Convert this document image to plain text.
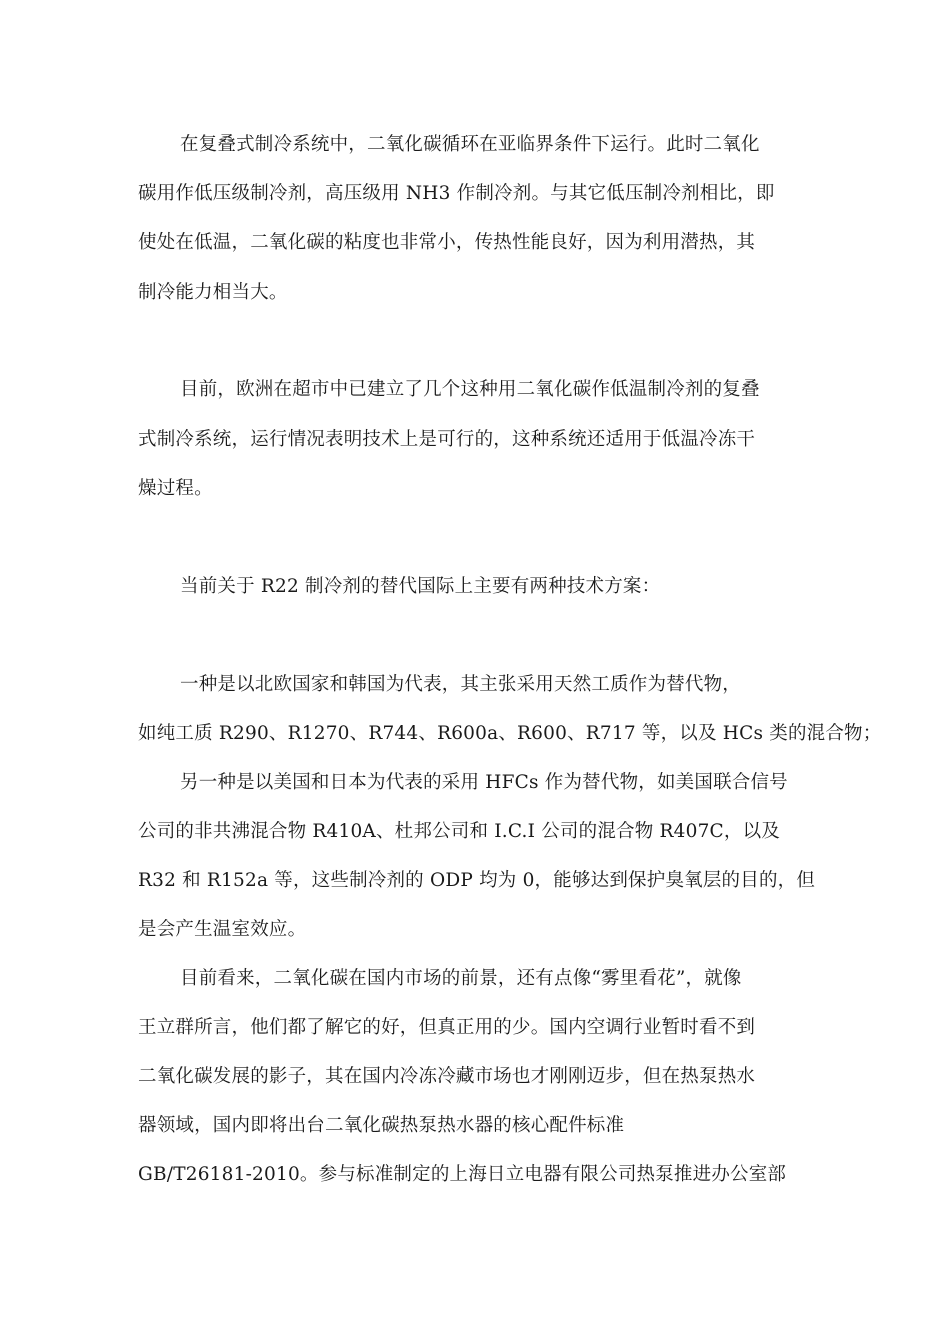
在复叠式制冷系统中，二氧化碳循环在亚临界条件下运行。此时二氧化
碳用作低压级制冷剂，高压级用 NH3 作制冷剂。与其它低压制冷剂相比，即
使处在低温，二氧化碳的粘度也非常小，传热性能良好，因为利用潜热，其
制冷能力相当大。
目前，欧洲在超市中已建立了几个这种用二氧化碳作低温制冷剂的复叠
式制冷系统，运行情况表明技术上是可行的，这种系统还适用于低温冷冻干
燥过程。
当前关于 R22 制冷剂的替代国际上主要有两种技术方案：
一种是以北欧国家和韩国为代表，其主张采用天然工质作为替代物，
如纯工质 R290、R1270、R744、R600a、R600、R717 等，以及 HCs 类的混合物；
另一种是以美国和日本为代表的采用 HFCs 作为替代物，如美国联合信号
公司的非共沸混合物 R410A、杜邦公司和 I.C.I 公司的混合物 R407C，以及
R32 和 R152a 等，这些制冷剂的 ODP 均为 0，能够达到保护臭氧层的目的，但
是会产生温室效应。
目前看来，二氧化碳在国内市场的前景，还有点像“雾里看花”，就像
王立群所言，他们都了解它的好，但真正用的少。国内空调行业暂时看不到
二氧化碳发展的影子，其在国内冷冻冷藏市场也才刚刚迈步，但在热泵热水
器领域，国内即将出台二氧化碳热泵热水器的核心配件标准
GB/T26181-2010。参与标准制定的上海日立电器有限公司热泵推进办公室部
